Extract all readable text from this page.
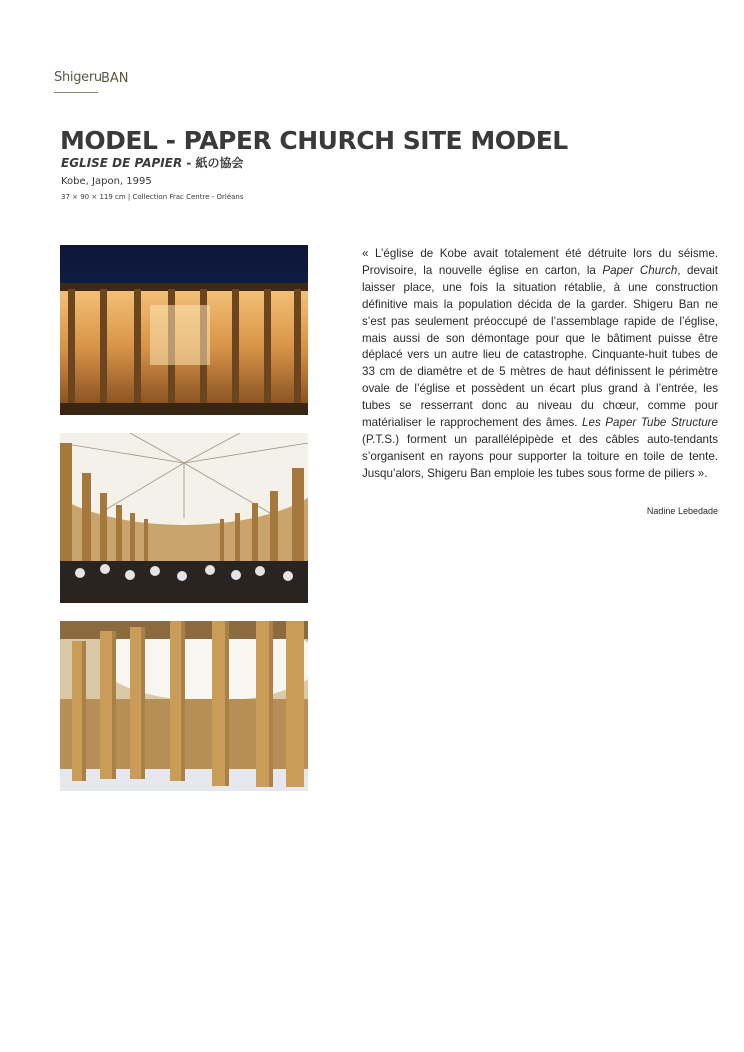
Shigeru BAN
MODEL - PAPER CHURCH SITE MODEL
EGLISE DE PAPIER - 紙の協会
Kobe, Japon, 1995
37 × 90 × 119 cm | Collection Frac Centre - Orléans

« L’église de Kobe avait totalement été détruite lors du séisme. Provisoire, la nouvelle église en carton, la Paper Church, devait laisser place, une fois la situation rétablie, à une construction définitive mais la population décida de la garder. Shigeru Ban ne s’est pas seulement préoccupé de l’assemblage rapide de l’église, mais aussi de son démontage pour que le bâtiment puisse être déplacé vers un autre lieu de catastrophe. Cinquante-huit tubes de 33 cm de diamètre et de 5 mètres de haut définissent le périmètre ovale de l’église et possèdent un écart plus grand à l’entrée, les tubes se resserrant donc au niveau du chœur, comme pour matérialiser le rapprochement des âmes. Les Paper Tube Structure (P.T.S.) forment un parallélépipède et des câbles auto-tendants s’organisent en rayons pour supporter la toiture en toile de tente. Jusqu’alors, Shigeru Ban emploie les tubes sous forme de piliers ».

Nadine Lebedade
